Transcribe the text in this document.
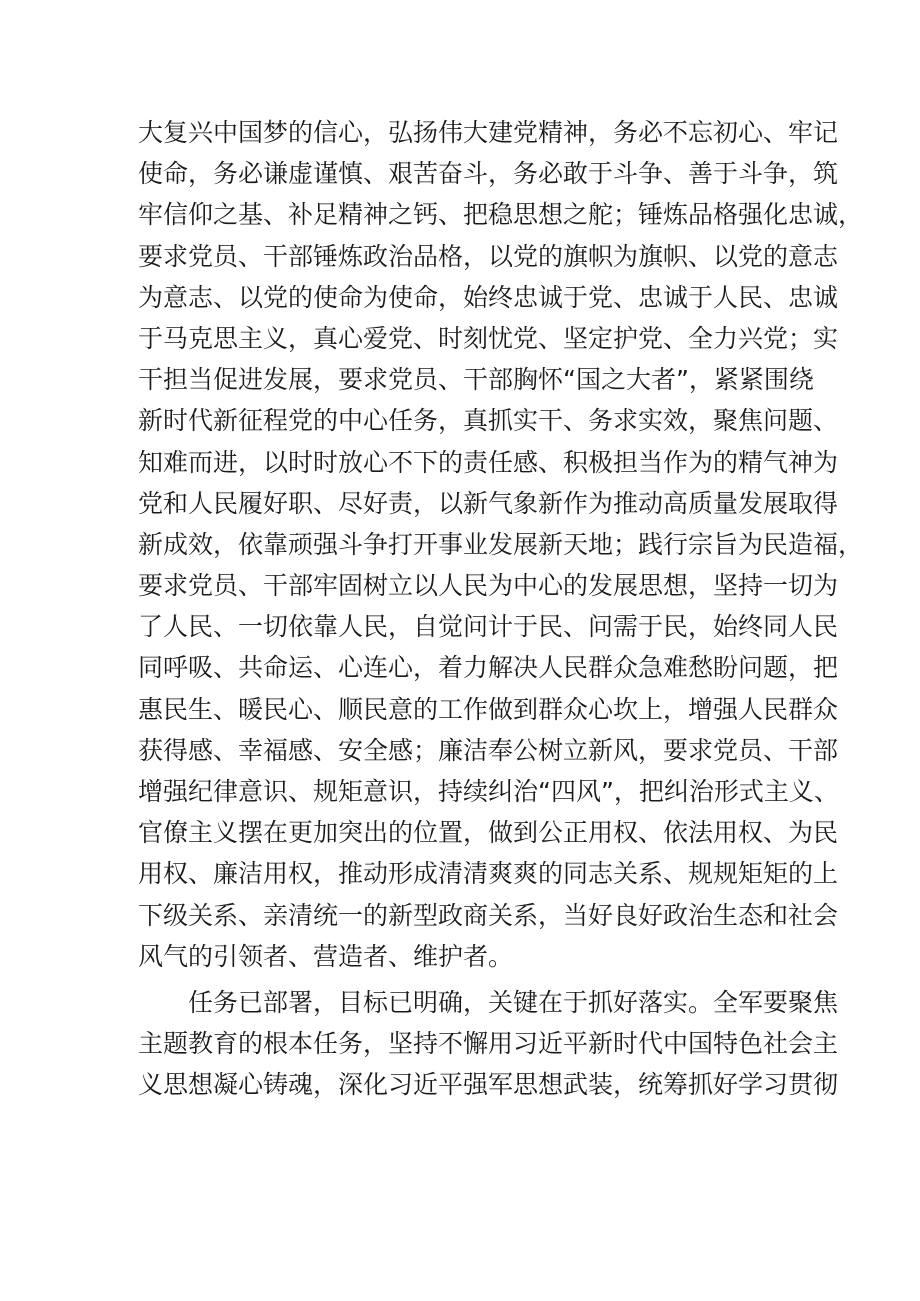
大复兴中国梦的信心，弘扬伟大建党精神，务必不忘初心、牢记
使命，务必谦虚谨慎、艰苦奋斗，务必敢于斗争、善于斗争，筑
牢信仰之基、补足精神之钙、把稳思想之舵；锤炼品格强化忠诚，
要求党员、干部锤炼政治品格，以党的旗帜为旗帜、以党的意志
为意志、以党的使命为使命，始终忠诚于党、忠诚于人民、忠诚
于马克思主义，真心爱党、时刻忧党、坚定护党、全力兴党；实
干担当促进发展，要求党员、干部胸怀“国之大者”，紧紧围绕
新时代新征程党的中心任务，真抓实干、务求实效，聚焦问题、
知难而进，以时时放心不下的责任感、积极担当作为的精气神为
党和人民履好职、尽好责，以新气象新作为推动高质量发展取得
新成效，依靠顽强斗争打开事业发展新天地；践行宗旨为民造福，
要求党员、干部牢固树立以人民为中心的发展思想，坚持一切为
了人民、一切依靠人民，自觉问计于民、问需于民，始终同人民
同呼吸、共命运、心连心，着力解决人民群众急难愁盼问题，把
惠民生、暖民心、顺民意的工作做到群众心坎上，增强人民群众
获得感、幸福感、安全感；廉洁奉公树立新风，要求党员、干部
增强纪律意识、规矩意识，持续纠治“四风”，把纠治形式主义、
官僚主义摆在更加突出的位置，做到公正用权、依法用权、为民
用权、廉洁用权，推动形成清清爽爽的同志关系、规规矩矩的上
下级关系、亲清统一的新型政商关系，当好良好政治生态和社会
风气的引领者、营造者、维护者。
任务已部署，目标已明确，关键在于抓好落实。全军要聚焦
主题教育的根本任务，坚持不懈用习近平新时代中国特色社会主
义思想凝心铸魂，深化习近平强军思想武装，统筹抓好学习贯彻
